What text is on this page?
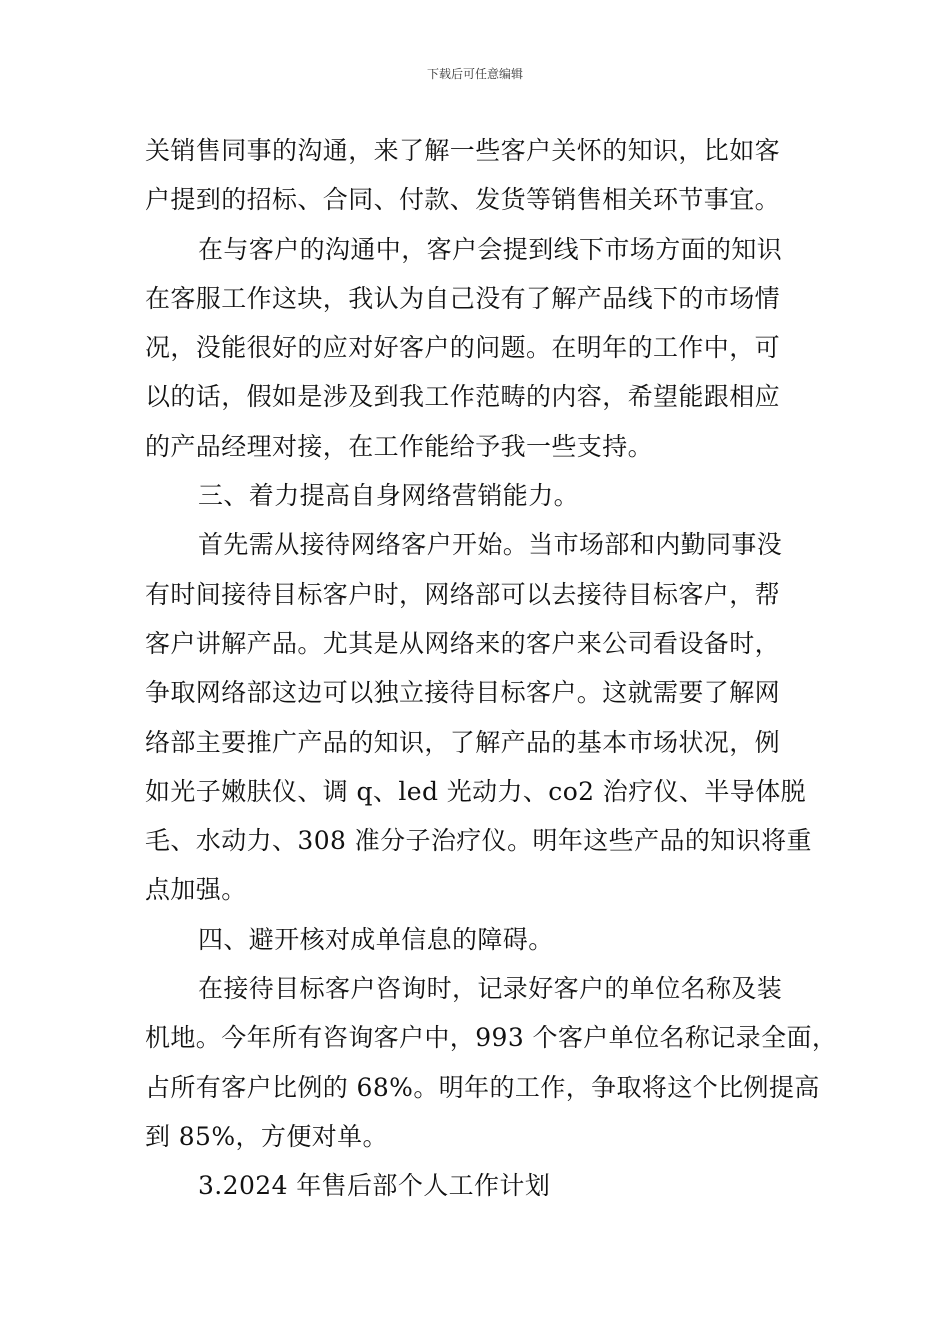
下载后可任意编辑
关销售同事的沟通，来了解一些客户关怀的知识，比如客
户提到的招标、合同、付款、发货等销售相关环节事宜。
在与客户的沟通中，客户会提到线下市场方面的知识
在客服工作这块，我认为自己没有了解产品线下的市场情
况，没能很好的应对好客户的问题。在明年的工作中，可
以的话，假如是涉及到我工作范畴的内容，希望能跟相应
的产品经理对接，在工作能给予我一些支持。
三、着力提高自身网络营销能力。
首先需从接待网络客户开始。当市场部和内勤同事没
有时间接待目标客户时，网络部可以去接待目标客户，帮
客户讲解产品。尤其是从网络来的客户来公司看设备时，
争取网络部这边可以独立接待目标客户。这就需要了解网
络部主要推广产品的知识，了解产品的基本市场状况，例
如光子嫩肤仪、调 q、led 光动力、co2 治疗仪、半导体脱
毛、水动力、308 准分子治疗仪。明年这些产品的知识将重
点加强。
四、避开核对成单信息的障碍。
在接待目标客户咨询时，记录好客户的单位名称及装
机地。今年所有咨询客户中，993 个客户单位名称记录全面，
占所有客户比例的 68%。明年的工作，争取将这个比例提高
到 85%，方便对单。
3.2024 年售后部个人工作计划
